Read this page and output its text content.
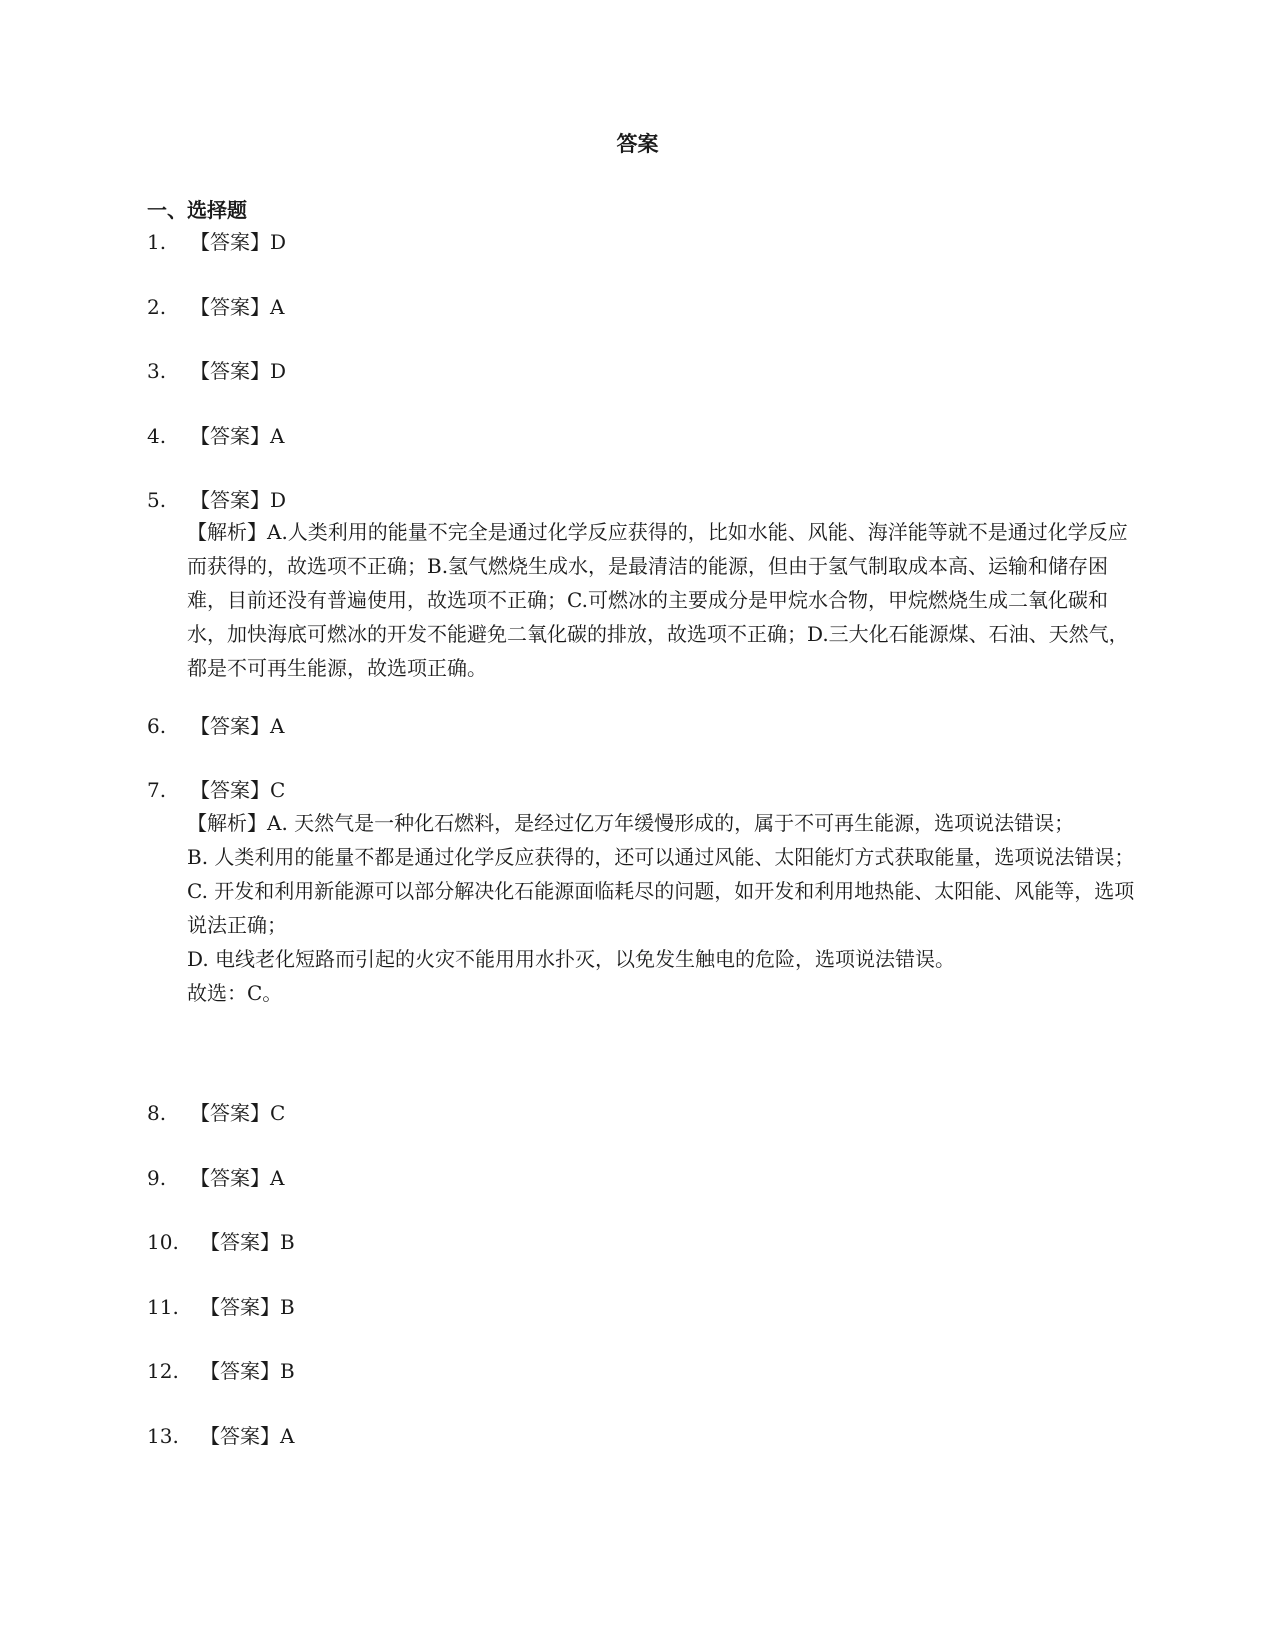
答案
一、选择题
1. 【答案】D
2. 【答案】A
3. 【答案】D
4. 【答案】A
5. 【答案】D

【解析】A.人类利用的能量不完全是通过化学反应获得的，比如水能、风能、海洋能等就不是通过化学反应而获得的，故选项不正确；B.氢气燃烧生成水，是最清洁的能源，但由于氢气制取成本高、运输和储存困难，目前还没有普遍使用，故选项不正确；C.可燃冰的主要成分是甲烷水合物，甲烷燃烧生成二氧化碳和水，加快海底可燃冰的开发不能避免二氧化碳的排放，故选项不正确；D.三大化石能源煤、石油、天然气，都是不可再生能源，故选项正确。

6. 【答案】A
7. 【答案】C

【解析】A. 天然气是一种化石燃料，是经过亿万年缓慢形成的，属于不可再生能源，选项说法错误；

B. 人类利用的能量不都是通过化学反应获得的，还可以通过风能、太阳能灯方式获取能量，选项说法错误；

C. 开发和利用新能源可以部分解决化石能源面临耗尽的问题，如开发和利用地热能、太阳能、风能等，选项说法正确；

D. 电线老化短路而引起的火灾不能用用水扑灭，以免发生触电的危险，选项说法错误。

故选：C。

8. 【答案】C
9. 【答案】A
10. 【答案】B
11. 【答案】B
12. 【答案】B
13. 【答案】A
